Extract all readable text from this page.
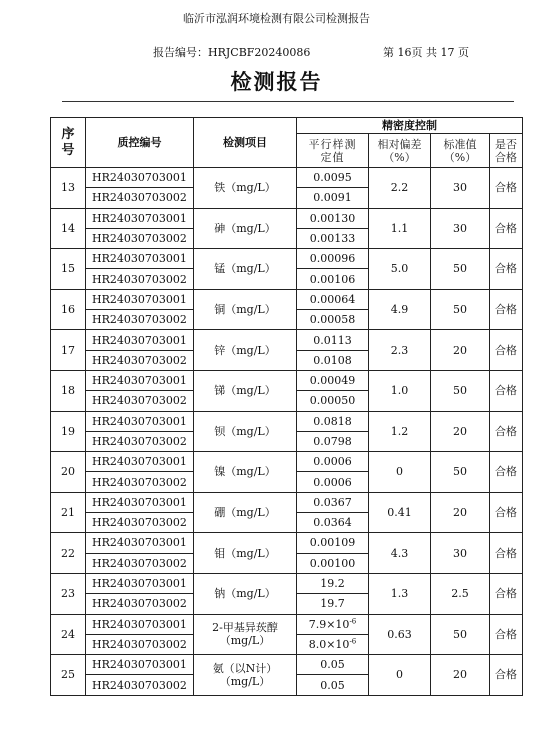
临沂市泓润环境检测有限公司检测报告
报告编号：HRJCBF20240086	第 16页 共 17 页
检测报告
序号	质控编号	检测项目	精密度控制			
			平行样测定值	相对偏差（%）	标准值（%）	是否合格
13	HR24030703001	铁（mg/L）	0.0095	2.2	30	合格
	HR24030703002		0.0091			
14	HR24030703001	砷（mg/L）	0.00130	1.1	30	合格
	HR24030703002		0.00133			
15	HR24030703001	锰（mg/L）	0.00096	5.0	50	合格
	HR24030703002		0.00106			
16	HR24030703001	铜（mg/L）	0.00064	4.9	50	合格
	HR24030703002		0.00058			
17	HR24030703001	锌（mg/L）	0.0113	2.3	20	合格
	HR24030703002		0.0108			
18	HR24030703001	锑（mg/L）	0.00049	1.0	50	合格
	HR24030703002		0.00050			
19	HR24030703001	钡（mg/L）	0.0818	1.2	20	合格
	HR24030703002		0.0798			
20	HR24030703001	镍（mg/L）	0.0006	0	50	合格
	HR24030703002		0.0006			
21	HR24030703001	硼（mg/L）	0.0367	0.41	20	合格
	HR24030703002		0.0364			
22	HR24030703001	钼（mg/L）	0.00109	4.3	30	合格
	HR24030703002		0.00100			
23	HR24030703001	钠（mg/L）	19.2	1.3	2.5	合格
	HR24030703002		19.7			
24	HR24030703001	2-甲基异莰醇
（mg/L）	$7.9\times 10^{-6}$	0.63	50	合格
	HR24030703002		$8.0\times 10^{-6}$
25	HR24030703001	氨（以N计）
（mg/L）	0.05	0	20	合格
	HR24030703002		0.05			
